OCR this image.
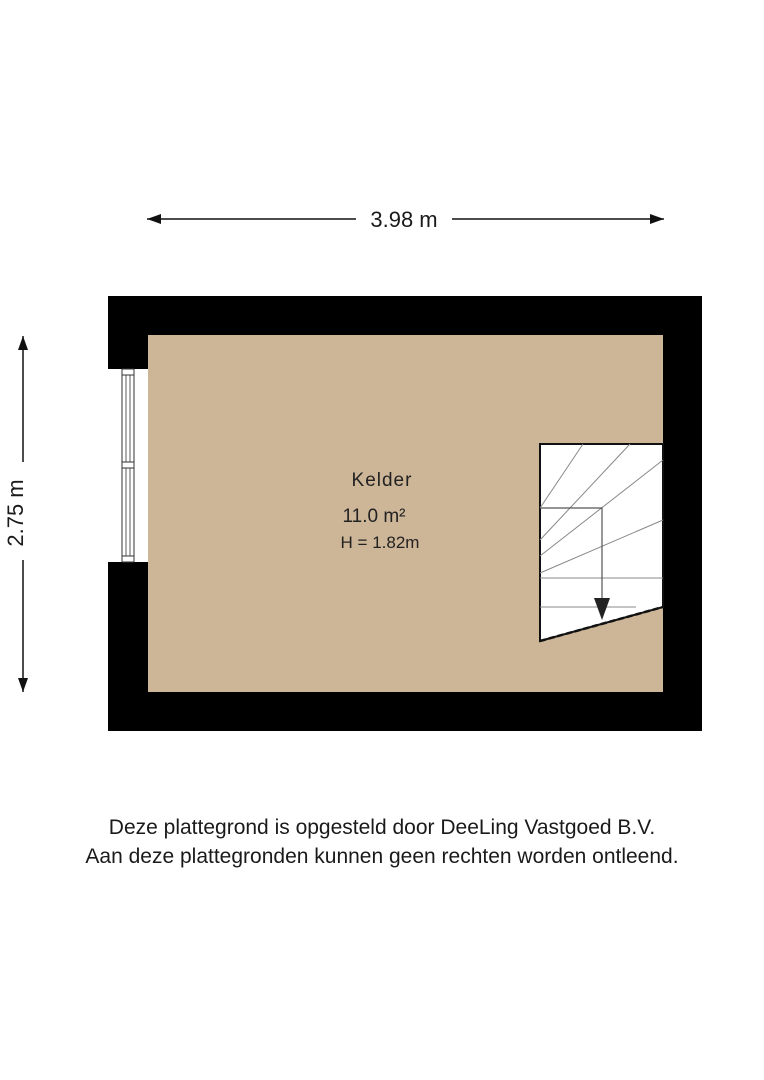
3.98 m
2.75 m	Kelder
11.0 m²
H = 1.82m
Deze plattegrond is opgesteld door DeeLing Vastgoed B.V.
Aan deze plattegronden kunnen geen rechten worden ontleend.
